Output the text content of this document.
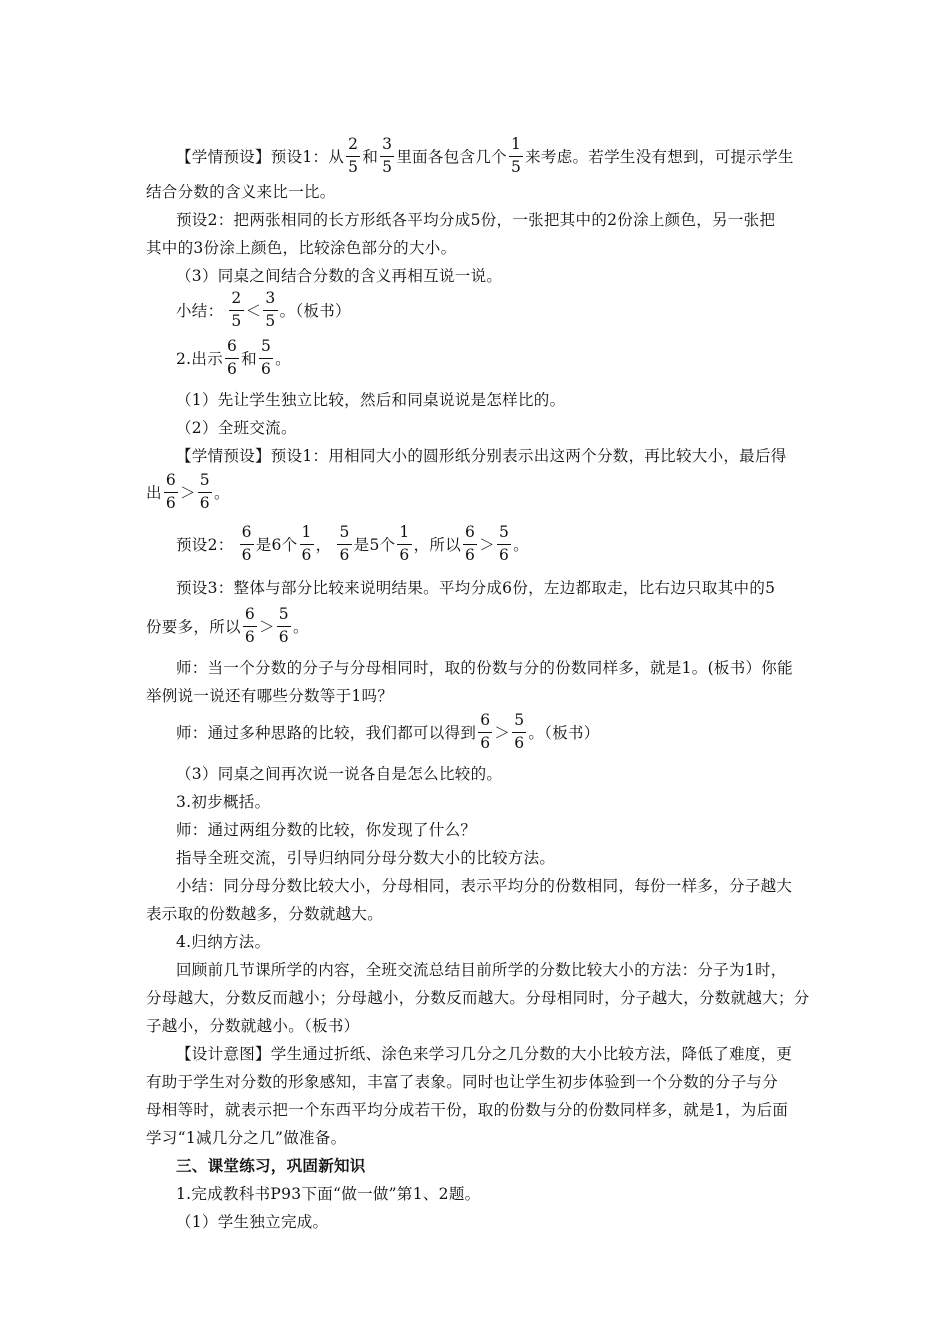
【学情预设】预设1：从 $\frac{2}{5}$ 和 $\frac{3}{5}$ 里面各包含几个 $\frac{1}{5}$ 来考虑。若学生没有想到，可提示学生
结合分数的含义来比一比。
预设2：把两张相同的长方形纸各平均分成5份，一张把其中的2份涂上颜色，另一张把
其中的3份涂上颜色，比较涂色部分的大小。
（3）同桌之间结合分数的含义再相互说一说。
小结： $\frac{2}{5} < \frac{3}{5}$ 。（板书）
2.出示 $\frac{6}{6}$ 和 $\frac{5}{6}$ 。
（1）先让学生独立比较，然后和同桌说说是怎样比的。
（2）全班交流。
【学情预设】预设1：用相同大小的圆形纸分别表示出这两个分数，再比较大小，最后得
出 $\frac{6}{6} > \frac{5}{6}$ 。
预设2： $\frac{6}{6}$ 是6个 $\frac{1}{6}$ ， $\frac{5}{6}$ 是5个 $\frac{1}{6}$ ，所以 $\frac{6}{6} > \frac{5}{6}$ 。
预设3：整体与部分比较来说明结果。平均分成6份，左边都取走，比右边只取其中的5
份要多，所以 $\frac{6}{6} > \frac{5}{6}$ 。
师：当一个分数的分子与分母相同时，取的份数与分的份数同样多，就是1。(板书）你能
举例说一说还有哪些分数等于1吗？
师：通过多种思路的比较，我们都可以得到 $\frac{6}{6} > \frac{5}{6}$ 。（板书）
（3）同桌之间再次说一说各自是怎么比较的。
3.初步概括。
师：通过两组分数的比较，你发现了什么？
指导全班交流，引导归纳同分母分数大小的比较方法。
小结：同分母分数比较大小，分母相同，表示平均分的份数相同，每份一样多，分子越大
表示取的份数越多，分数就越大。
4.归纳方法。
回顾前几节课所学的内容，全班交流总结目前所学的分数比较大小的方法：分子为1时，
分母越大，分数反而越小；分母越小，分数反而越大。分母相同时，分子越大，分数就越大；分
子越小，分数就越小。（板书）
【设计意图】学生通过折纸、涂色来学习几分之几分数的大小比较方法，降低了难度，更
有助于学生对分数的形象感知，丰富了表象。同时也让学生初步体验到一个分数的分子与分
母相等时，就表示把一个东西平均分成若干份，取的份数与分的份数同样多，就是1，为后面
学习“1减几分之几”做准备。
三、课堂练习，巩固新知识
1.完成教科书P93下面“做一做”第1、2题。
（1）学生独立完成。
